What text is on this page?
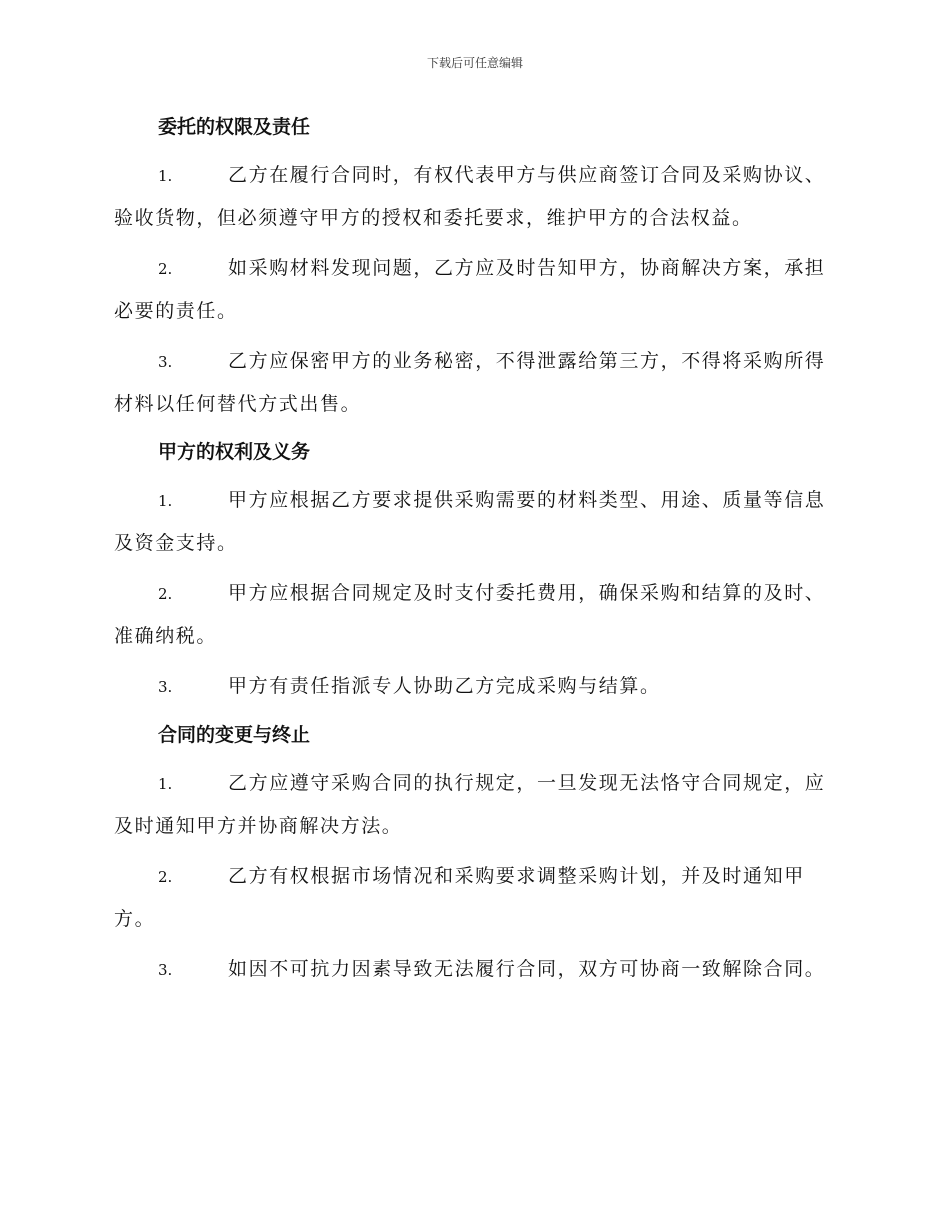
下载后可任意编辑
委托的权限及责任

1.	乙方在履行合同时，有权代表甲方与供应商签订合同及采购协议、验收货物，但必须遵守甲方的授权和委托要求，维护甲方的合法权益。

2.	如采购材料发现问题，乙方应及时告知甲方，协商解决方案，承担必要的责任。

3.	乙方应保密甲方的业务秘密，不得泄露给第三方，不得将采购所得材料以任何替代方式出售。

甲方的权利及义务

1.	甲方应根据乙方要求提供采购需要的材料类型、用途、质量等信息及资金支持。

2.	甲方应根据合同规定及时支付委托费用，确保采购和结算的及时、准确纳税。

3.	甲方有责任指派专人协助乙方完成采购与结算。

合同的变更与终止

1.	乙方应遵守采购合同的执行规定，一旦发现无法恪守合同规定，应及时通知甲方并协商解决方法。

2.	乙方有权根据市场情况和采购要求调整采购计划，并及时通知甲方。

3.	如因不可抗力因素导致无法履行合同，双方可协商一致解除合同。
